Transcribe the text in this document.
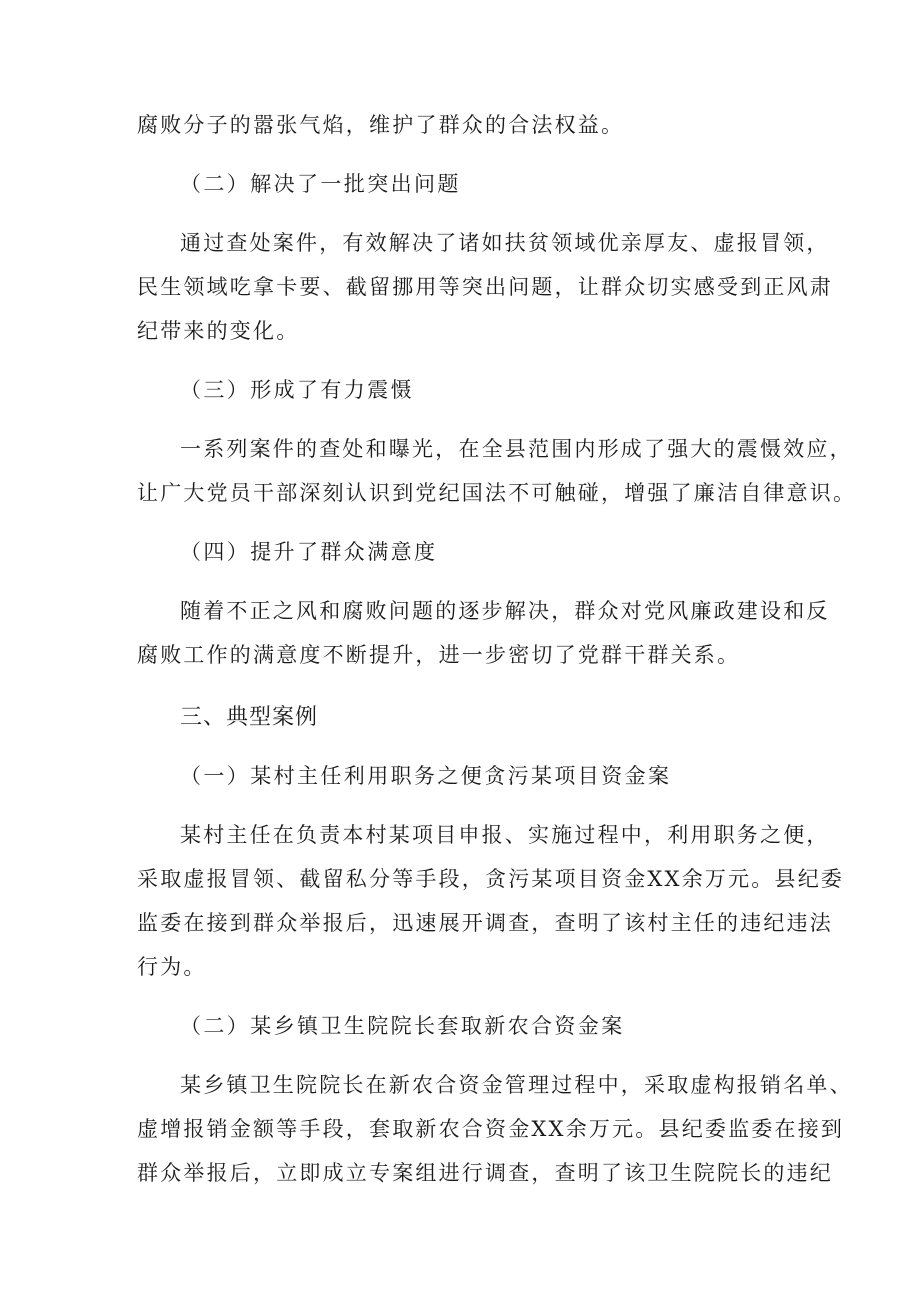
腐败分子的嚣张气焰，维护了群众的合法权益。
（二）解决了一批突出问题
通过查处案件，有效解决了诸如扶贫领域优亲厚友、虚报冒领，
民生领域吃拿卡要、截留挪用等突出问题，让群众切实感受到正风肃
纪带来的变化。
（三）形成了有力震慑
一系列案件的查处和曝光，在全县范围内形成了强大的震慑效应，
让广大党员干部深刻认识到党纪国法不可触碰，增强了廉洁自律意识。
（四）提升了群众满意度
随着不正之风和腐败问题的逐步解决，群众对党风廉政建设和反
腐败工作的满意度不断提升，进一步密切了党群干群关系。
三、典型案例
（一）某村主任利用职务之便贪污某项目资金案
某村主任在负责本村某项目申报、实施过程中，利用职务之便，
采取虚报冒领、截留私分等手段，贪污某项目资金XX余万元。县纪委
监委在接到群众举报后，迅速展开调查，查明了该村主任的违纪违法
行为。
（二）某乡镇卫生院院长套取新农合资金案
某乡镇卫生院院长在新农合资金管理过程中，采取虚构报销名单、
虚增报销金额等手段，套取新农合资金XX余万元。县纪委监委在接到
群众举报后，立即成立专案组进行调查，查明了该卫生院院长的违纪
